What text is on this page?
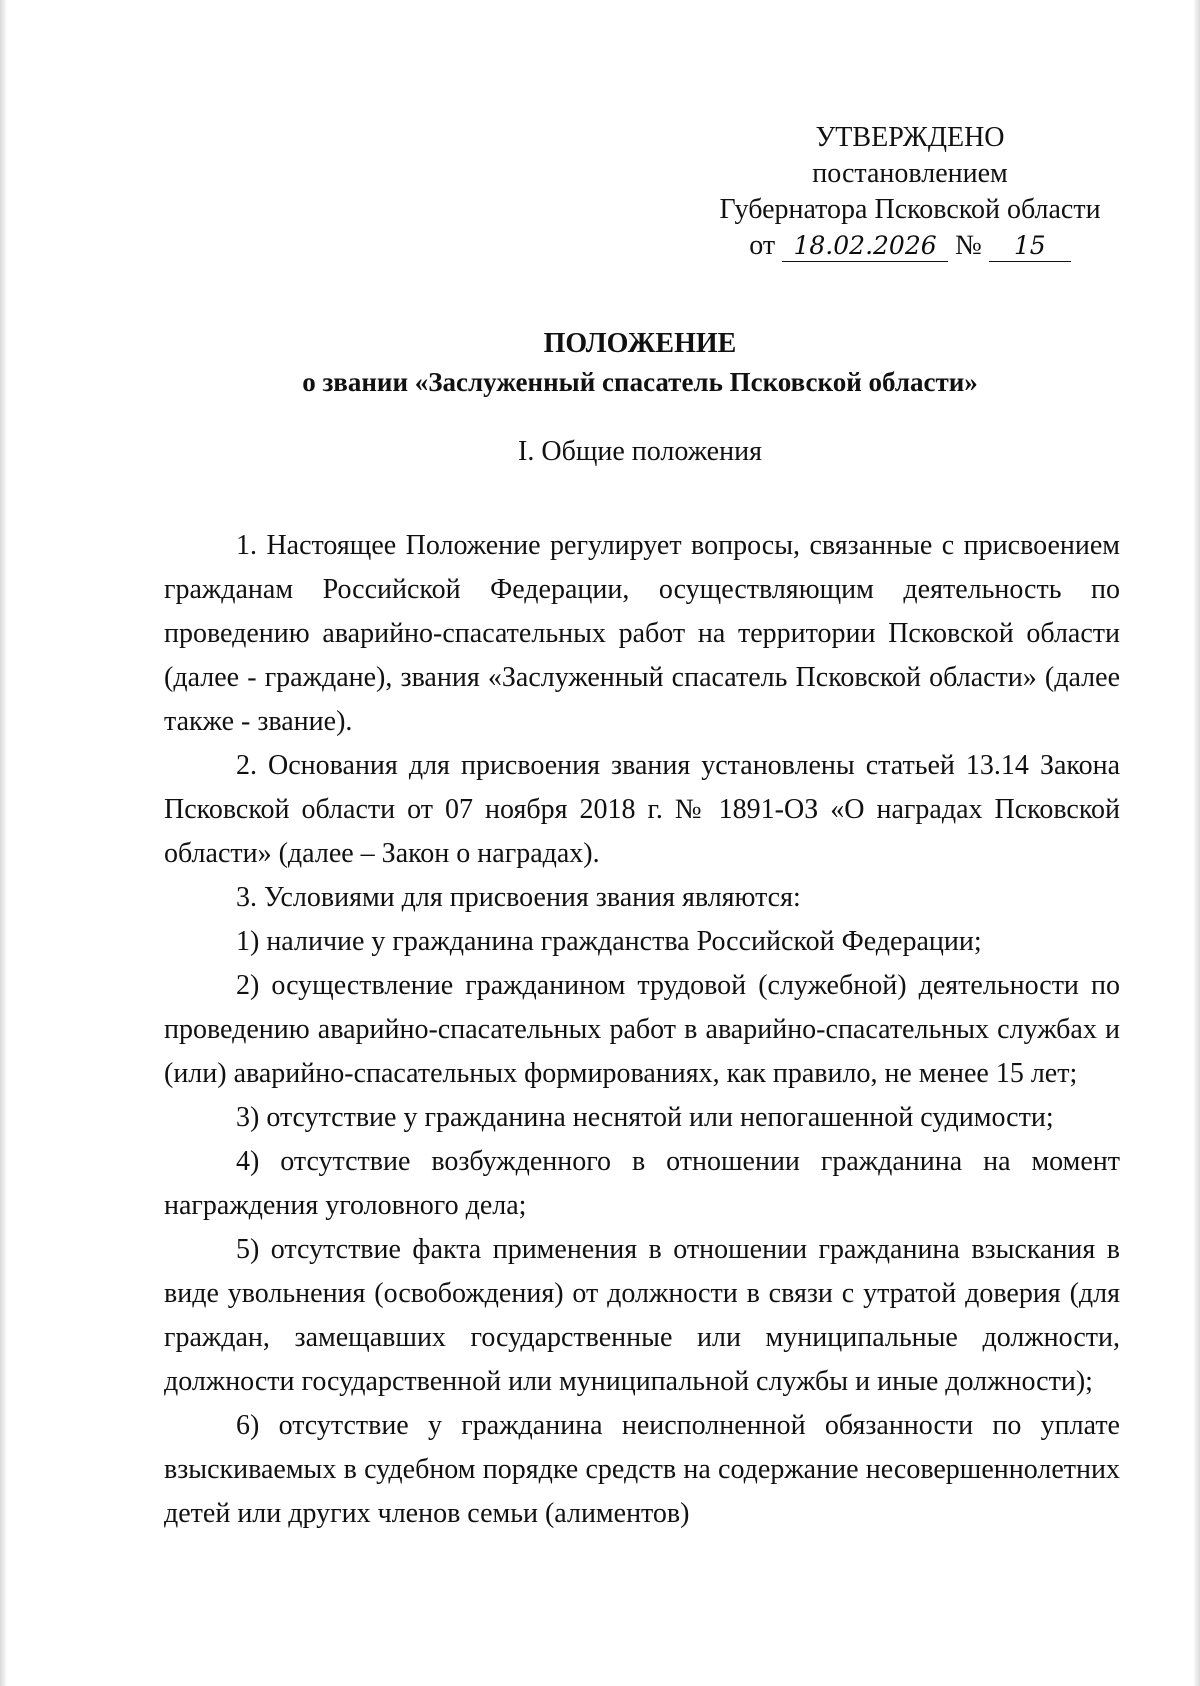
УТВЕРЖДЕНО
постановлением
Губернатора Псковской области
от 18.02.2026 № 15
ПОЛОЖЕНИЕ
о звании «Заслуженный спасатель Псковской области»
I. Общие положения

1. Настоящее Положение регулирует вопросы, связанные с присвоением гражданам Российской Федерации, осуществляющим деятельность по проведению аварийно-спасательных работ на территории Псковской области (далее - граждане), звания «Заслуженный спасатель Псковской области» (далее также - звание).

2. Основания для присвоения звания установлены статьей 13.14 Закона Псковской области от 07 ноября 2018 г. № 1891-ОЗ «О наградах Псковской области» (далее – Закон о наградах).

3. Условиями для присвоения звания являются:

1) наличие у гражданина гражданства Российской Федерации;

2) осуществление гражданином трудовой (служебной) деятельности по проведению аварийно-спасательных работ в аварийно-спасательных службах и (или) аварийно-спасательных формированиях, как правило, не менее 15 лет;

3) отсутствие у гражданина неснятой или непогашенной судимости;

4) отсутствие возбужденного в отношении гражданина на момент награждения уголовного дела;

5) отсутствие факта применения в отношении гражданина взыскания в виде увольнения (освобождения) от должности в связи с утратой доверия (для граждан, замещавших государственные или муниципальные должности, должности государственной или муниципальной службы и иные должности);

6) отсутствие у гражданина неисполненной обязанности по уплате взыскиваемых в судебном порядке средств на содержание несовершеннолетних детей или других членов семьи (алиментов)
